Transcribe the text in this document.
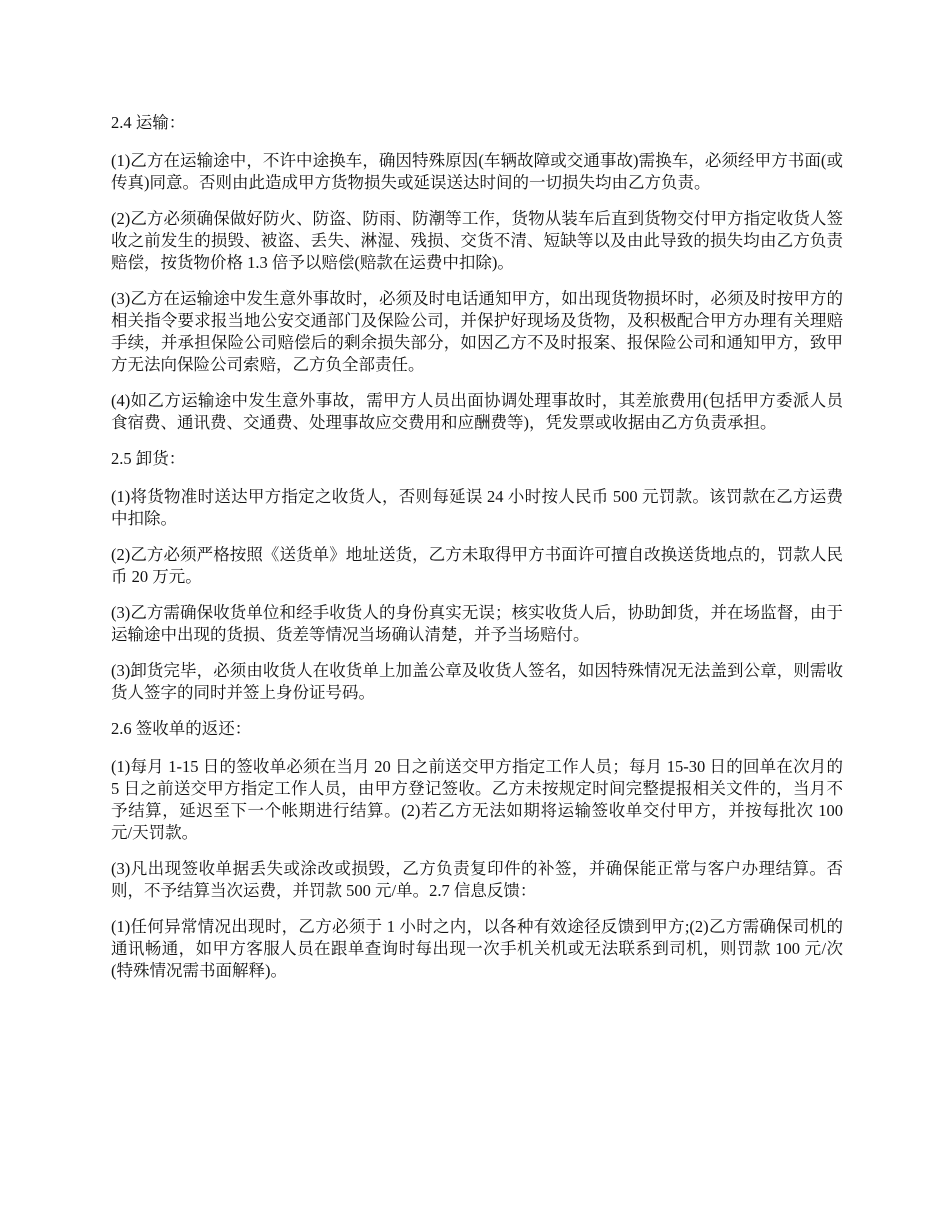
2.4 运输：

(1)乙方在运输途中，不许中途换车，确因特殊原因(车辆故障或交通事故)需换车，必须经甲方书面(或传真)同意。否则由此造成甲方货物损失或延误送达时间的一切损失均由乙方负责。

(2)乙方必须确保做好防火、防盗、防雨、防潮等工作，货物从装车后直到货物交付甲方指定收货人签收之前发生的损毁、被盗、丢失、淋湿、残损、交货不清、短缺等以及由此导致的损失均由乙方负责赔偿，按货物价格 1.3 倍予以赔偿(赔款在运费中扣除)。

(3)乙方在运输途中发生意外事故时，必须及时电话通知甲方，如出现货物损坏时，必须及时按甲方的相关指令要求报当地公安交通部门及保险公司，并保护好现场及货物，及积极配合甲方办理有关理赔手续，并承担保险公司赔偿后的剩余损失部分，如因乙方不及时报案、报保险公司和通知甲方，致甲方无法向保险公司索赔，乙方负全部责任。

(4)如乙方运输途中发生意外事故，需甲方人员出面协调处理事故时，其差旅费用(包括甲方委派人员食宿费、通讯费、交通费、处理事故应交费用和应酬费等)，凭发票或收据由乙方负责承担。

2.5 卸货：

(1)将货物准时送达甲方指定之收货人，否则每延误 24 小时按人民币 500 元罚款。该罚款在乙方运费中扣除。

(2)乙方必须严格按照《送货单》地址送货，乙方未取得甲方书面许可擅自改换送货地点的，罚款人民币 20 万元。

(3)乙方需确保收货单位和经手收货人的身份真实无误；核实收货人后，协助卸货，并在场监督，由于运输途中出现的货损、货差等情况当场确认清楚，并予当场赔付。

(3)卸货完毕，必须由收货人在收货单上加盖公章及收货人签名，如因特殊情况无法盖到公章，则需收货人签字的同时并签上身份证号码。

2.6 签收单的返还：

(1)每月 1-15 日的签收单必须在当月 20 日之前送交甲方指定工作人员；每月 15-30 日的回单在次月的 5 日之前送交甲方指定工作人员，由甲方登记签收。乙方未按规定时间完整提报相关文件的，当月不予结算，延迟至下一个帐期进行结算。(2)若乙方无法如期将运输签收单交付甲方，并按每批次 100 元/天罚款。

(3)凡出现签收单据丢失或涂改或损毁，乙方负责复印件的补签，并确保能正常与客户办理结算。否则，不予结算当次运费，并罚款 500 元/单。2.7 信息反馈：

(1)任何异常情况出现时，乙方必须于 1 小时之内，以各种有效途径反馈到甲方;(2)乙方需确保司机的通讯畅通，如甲方客服人员在跟单查询时每出现一次手机关机或无法联系到司机，则罚款 100 元/次(特殊情况需书面解释)。
